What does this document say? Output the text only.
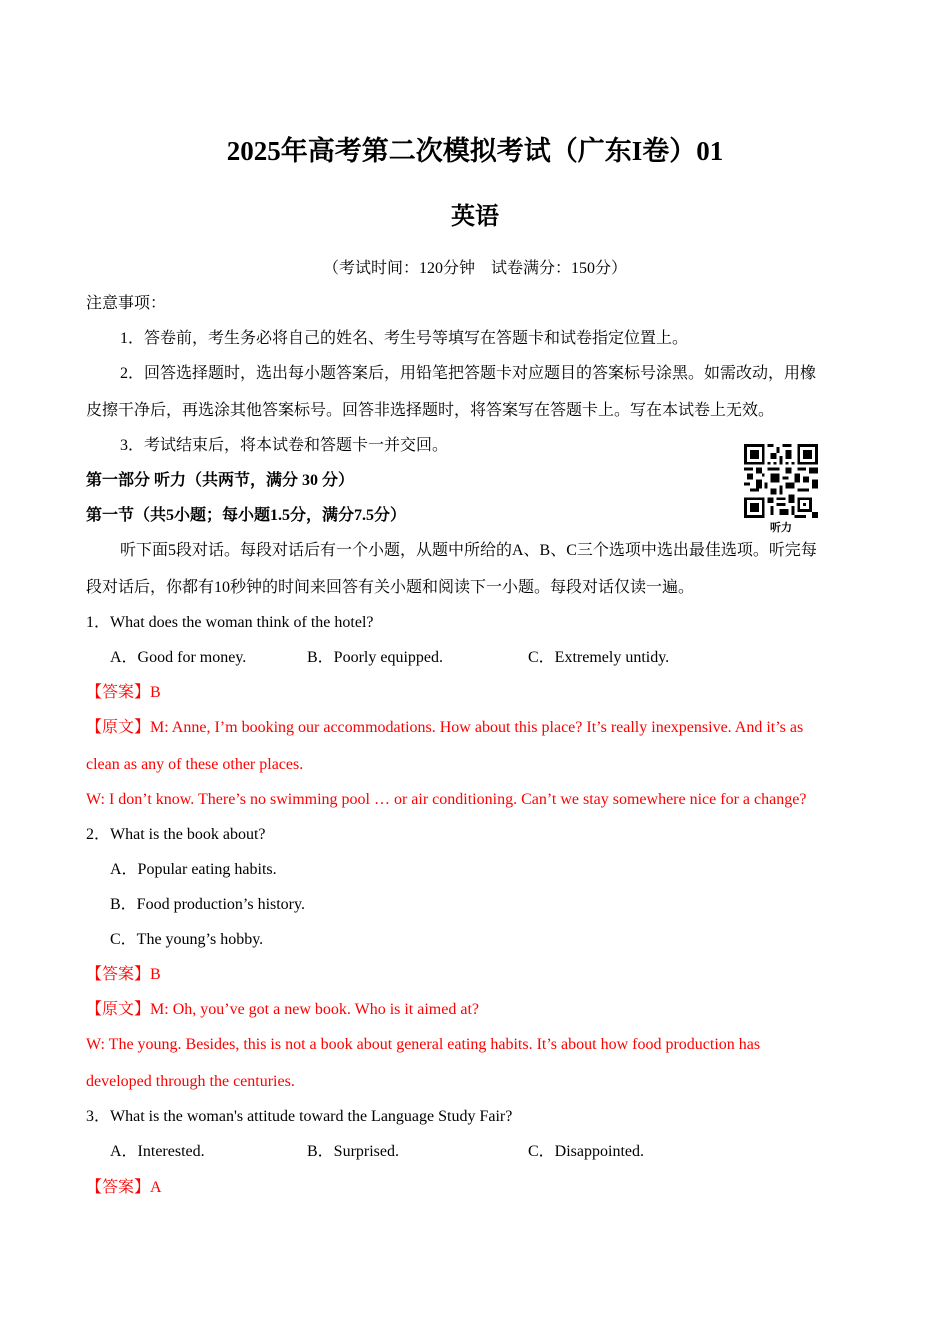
2025年高考第二次模拟考试（广东I卷）01
英语
（考试时间：120分钟　试卷满分：150分）
注意事项：
1．答卷前，考生务必将自己的姓名、考生号等填写在答题卡和试卷指定位置上。
2．回答选择题时，选出每小题答案后，用铅笔把答题卡对应题目的答案标号涂黑。如需改动，用橡
皮擦干净后，再选涂其他答案标号。回答非选择题时，将答案写在答题卡上。写在本试卷上无效。
3．考试结束后，将本试卷和答题卡一并交回。
听力
第一部分 听力（共两节，满分 30 分）
第一节（共5小题；每小题1.5分，满分7.5分）
听下面5段对话。每段对话后有一个小题，从题中所给的A、B、C三个选项中选出最佳选项。听完每
段对话后，你都有10秒钟的时间来回答有关小题和阅读下一小题。每段对话仅读一遍。
1．What does the woman think of the hotel?
A．Good for money.	B．Poorly equipped.	C．Extremely untidy.
【答案】B
【原文】M: Anne, I’m booking our accommodations. How about this place? It’s really inexpensive. And it’s as
clean as any of these other places.
W: I don’t know. There’s no swimming pool … or air conditioning. Can’t we stay somewhere nice for a change?
2．What is the book about?
A．Popular eating habits.
B．Food production’s history.
C．The young’s hobby.
【答案】B
【原文】M: Oh, you’ve got a new book. Who is it aimed at?
W: The young. Besides, this is not a book about general eating habits. It’s about how food production has
developed through the centuries.
3．What is the woman's attitude toward the Language Study Fair?
A．Interested.	B．Surprised.	C．Disappointed.
【答案】A
